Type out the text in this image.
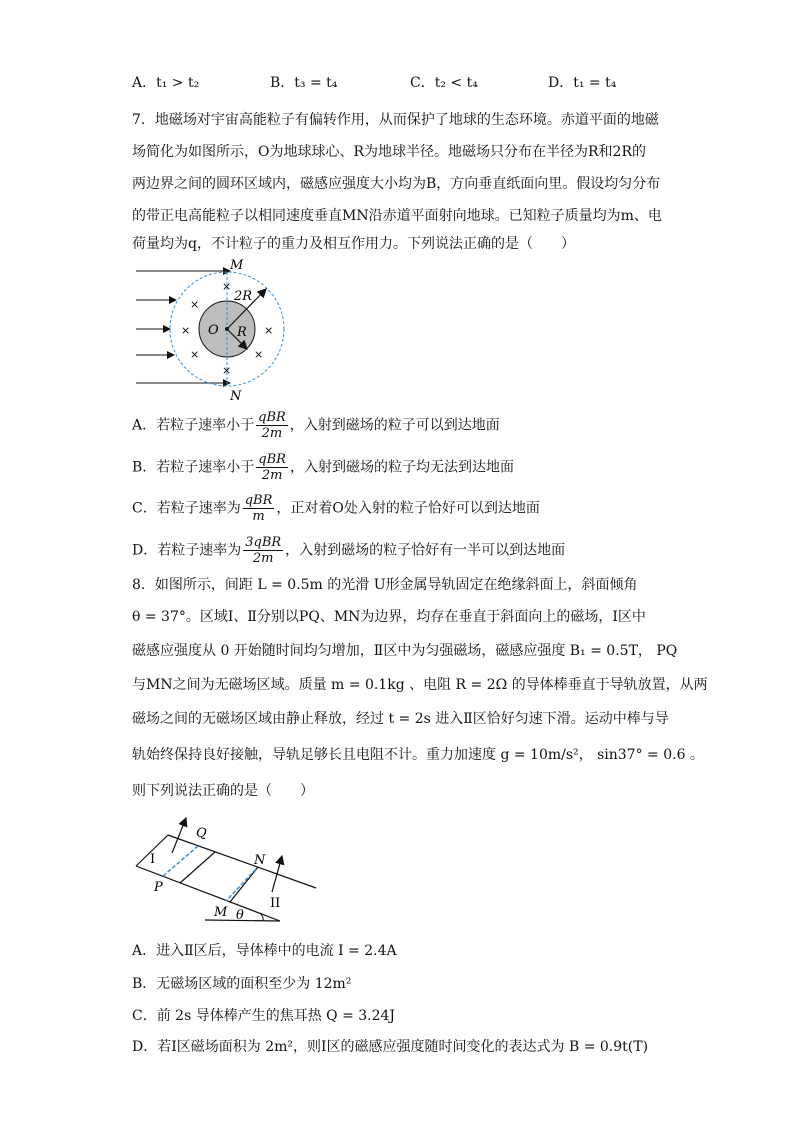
A．t₁ > t₂	B．t₃ = t₄	C．t₂ < t₄	D．t₁ = t₄
7．地磁场对宇宙高能粒子有偏转作用，从而保护了地球的生态环境。赤道平面的地磁
场简化为如图所示，O为地球球心、R为地球半径。地磁场只分布在半径为R和2R的
两边界之间的圆环区域内，磁感应强度大小均为B，方向垂直纸面向里。假设均匀分布
的带正电高能粒子以相同速度垂直MN沿赤道平面射向地球。已知粒子质量均为m、电
荷量均为q，不计粒子的重力及相互作用力。下列说法正确的是（　　）
×
×
×	×
×	×
×
M
N
O R
2R
A．若粒子速率小于 $\frac{\text{qBR}}{2m}$ ，入射到磁场的粒子可以到达地面
B．若粒子速率小于 $\frac{\text{qBR}}{2m}$ ，入射到磁场的粒子均无法到达地面
C．若粒子速率为 $\frac{\text{qBR}}{m}$ ，正对着O处入射的粒子恰好可以到达地面
D．若粒子速率为 $\frac{\text{3qBR}}{2m}$ ，入射到磁场的粒子恰好有一半可以到达地面
8．如图所示，间距 L = 0.5m 的光滑 U形金属导轨固定在绝缘斜面上，斜面倾角
θ = 37°。区域Ⅰ、Ⅱ分别以PQ、MN为边界，均存在垂直于斜面向上的磁场，Ⅰ区中
磁感应强度从 0 开始随时间均匀增加，Ⅱ区中为匀强磁场，磁感应强度 B₁ = 0.5T， PQ
与MN之间为无磁场区域。质量 m = 0.1kg 、电阻 R = 2Ω 的导体棒垂直于导轨放置，从两
磁场之间的无磁场区域由静止释放，经过 t = 2s 进入Ⅱ区恰好匀速下滑。运动中棒与导
轨始终保持良好接触，导轨足够长且电阻不计。重力加速度 g = 10m/s²， sin37° = 0.6 。
则下列说法正确的是（　　）
Q
P
N
M
I
II
θ
A．进入Ⅱ区后，导体棒中的电流 I = 2.4A
B．无磁场区域的面积至少为 12m²
C．前 2s 导体棒产生的焦耳热 Q = 3.24J
D．若Ⅰ区磁场面积为 2m²，则Ⅰ区的磁感应强度随时间变化的表达式为 B = 0.9t(T)
